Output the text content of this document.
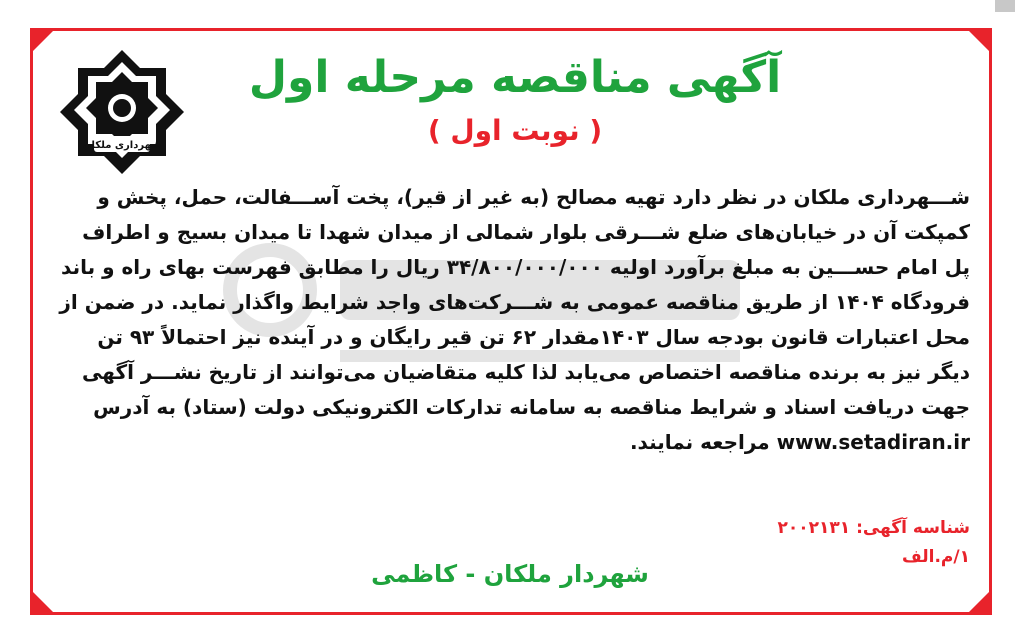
شهرداری ملکان
آگهی مناقصه مرحله اول
( نوبت اول )
شـــهرداری ملکان در نظر دارد تهیه مصالح (به غیر از قیر)، پخت آســـفالت، حمل، پخش و
کمپکت آن در خیابان‌های ضلع شـــرقی بلوار شمالی از میدان شهدا تا میدان بسیج و اطراف
پل امام حســـین به مبلغ برآورد اولیه ۳۴/۸۰۰/۰۰۰/۰۰۰ ریال را مطابق فهرست بهای راه و باند
فرودگاه ۱۴۰۴ از طریق مناقصه عمومی به شـــرکت‌های واجد شرایط واگذار نماید. در ضمن از
محل اعتبارات قانون بودجه سال ۱۴۰۳مقدار ۶۲ تن قیر رایگان و در آینده نیز احتمالاً ۹۳ تن
دیگر نیز به برنده مناقصه اختصاص می‌یابد لذا کلیه متقاضیان می‌توانند از تاریخ نشـــر آگهی
جهت دریافت اسناد و شرایط مناقصه به سامانه تدارکات الکترونیکی دولت (ستاد) به آدرس
www.setadiran.ir مراجعه نمایند.
شناسه آگهی: ۲۰۰۲۱۳۱
۱/م.الف
شهردار ملکان - کاظمی
